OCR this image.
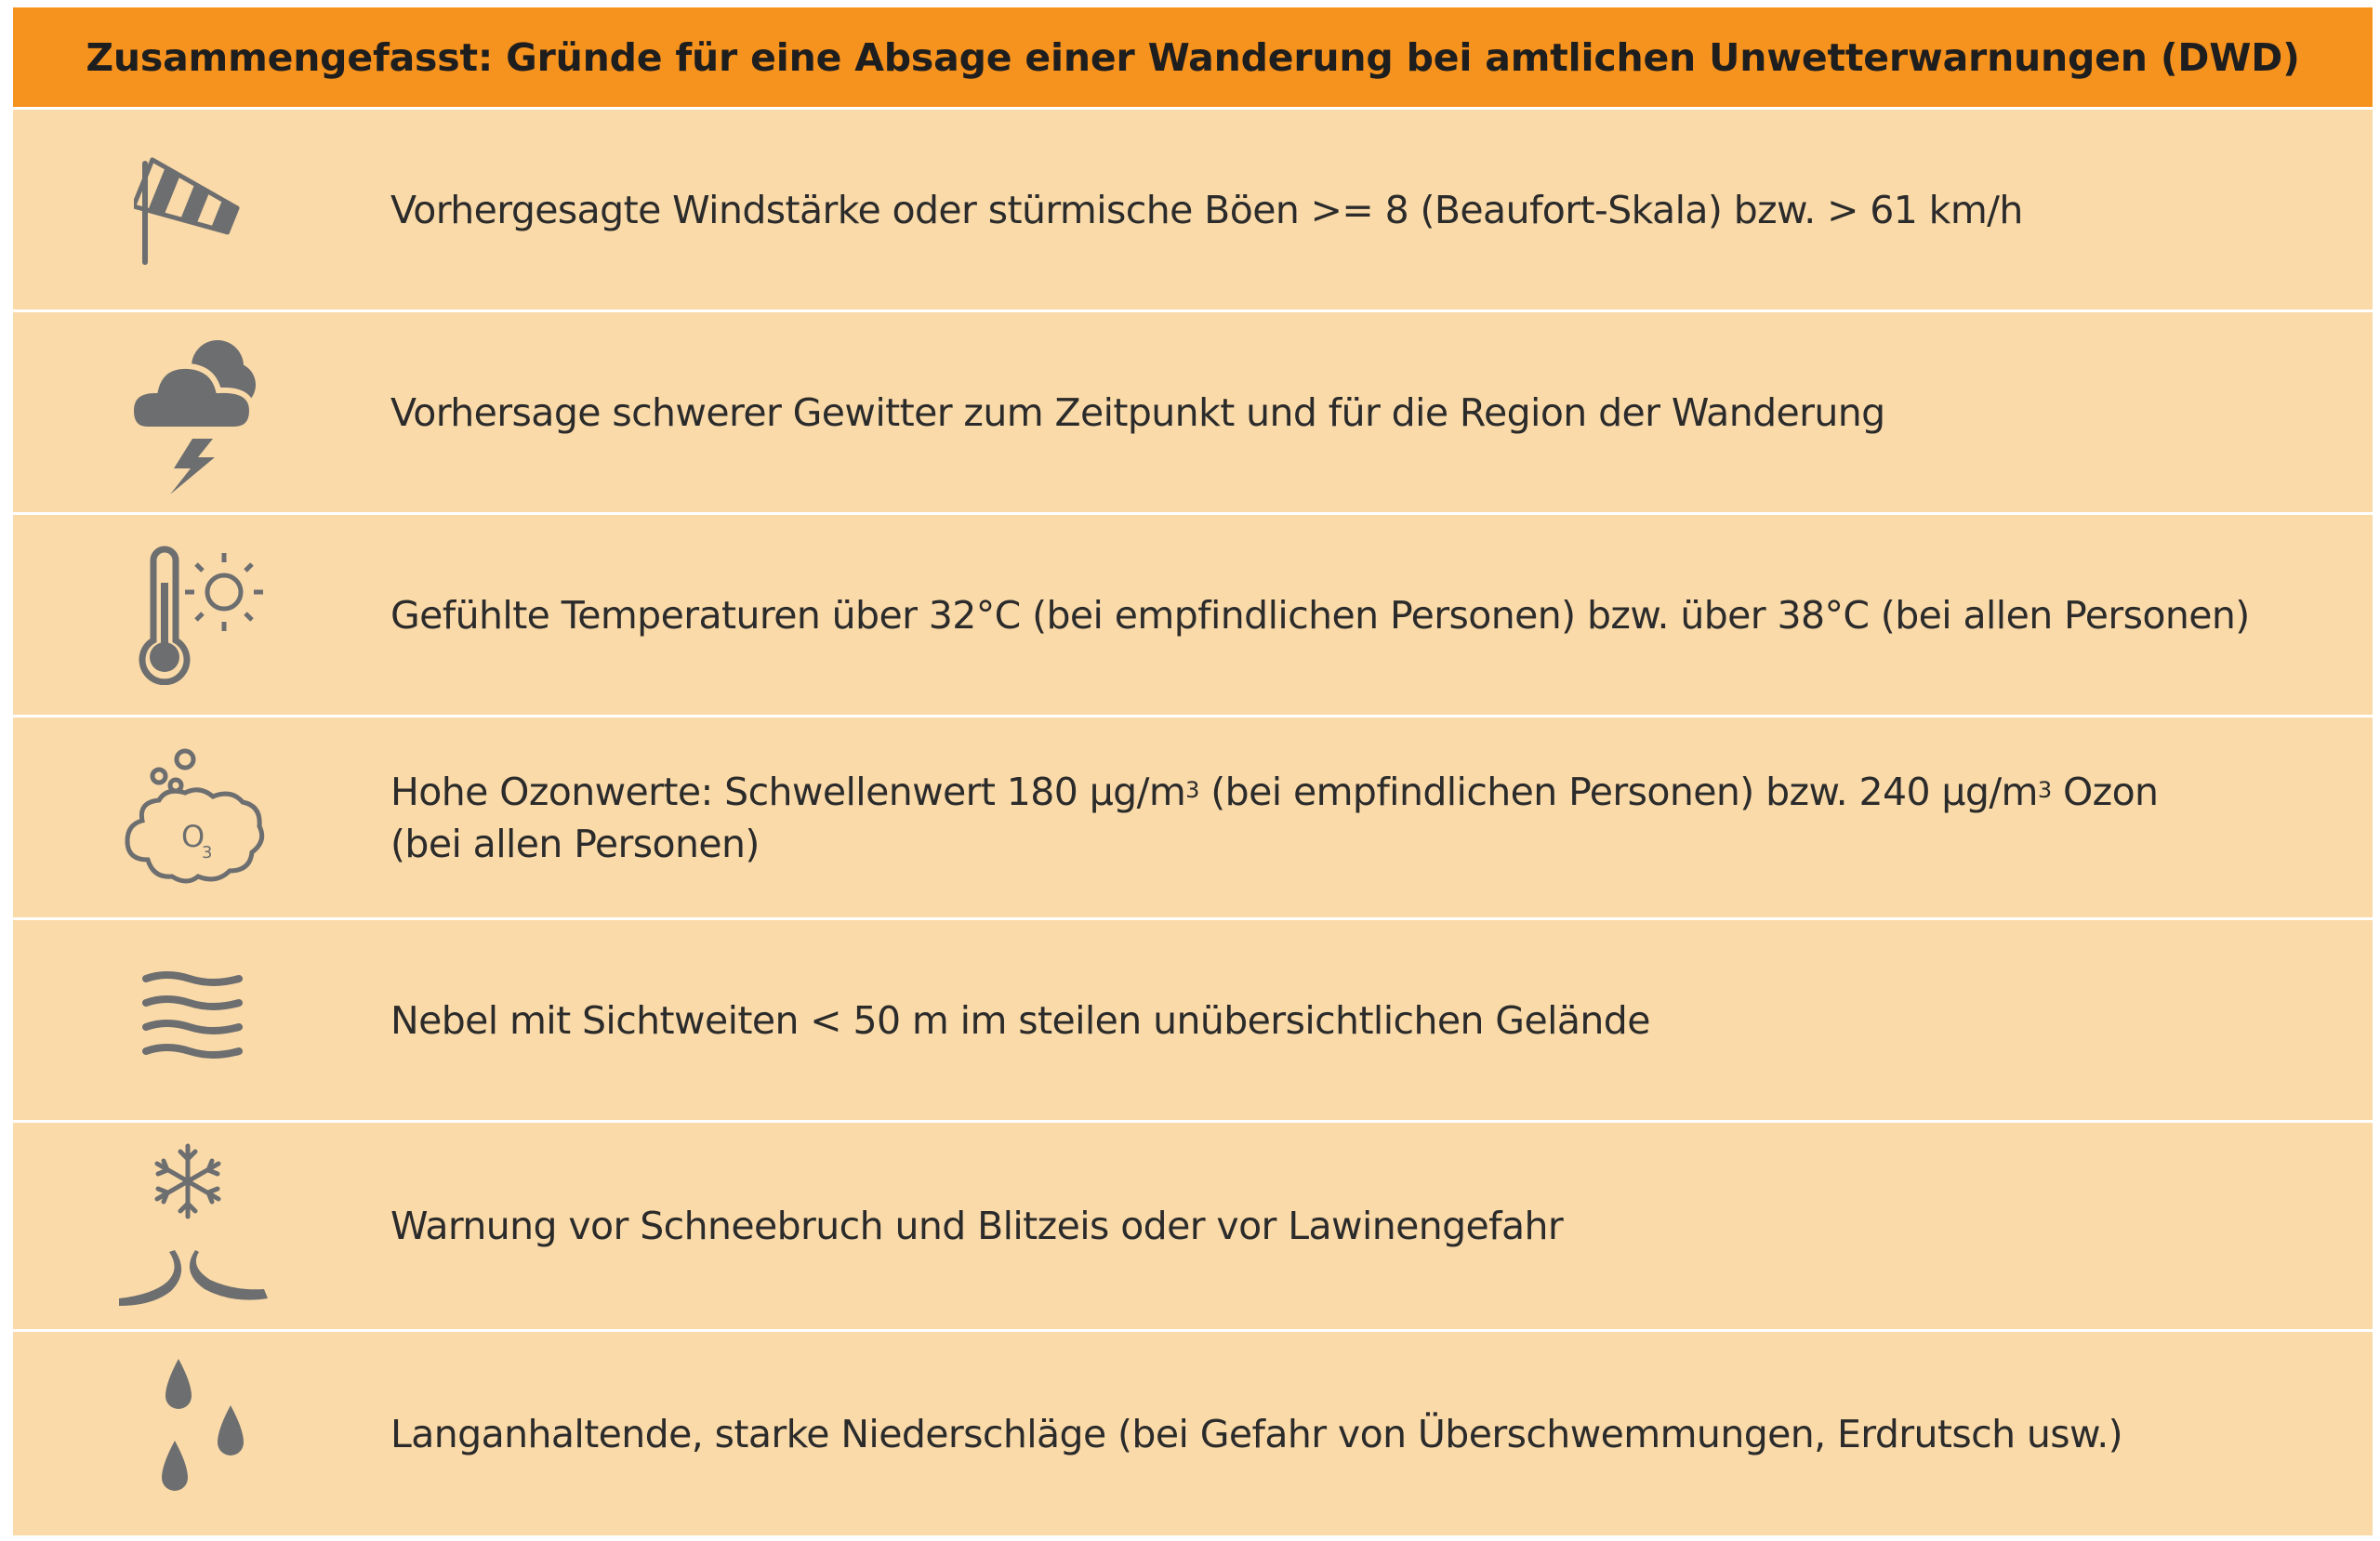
Zusammengefasst: Gründe für eine Absage einer Wanderung bei amtlichen Unwetterwarnungen (DWD)
Vorhergesagte Windstärke oder stürmische Böen >= 8 (Beaufort-Skala) bzw. > 61 km/h
Vorhersage schwerer Gewitter zum Zeitpunkt und für die Region der Wanderung
Gefühlte Temperaturen über 32°C (bei empfindlichen Personen) bzw. über 38°C (bei allen Personen)
O
3
Hohe Ozonwerte: Schwellenwert 180 $\mu g/m^3$ (bei empfindlichen Personen) bzw. 240 $\mu g/m^3$ Ozon
(bei allen Personen)
Nebel mit Sichtweiten < 50 m im steilen unübersichtlichen Gelände
Warnung vor Schneebruch und Blitzeis oder vor Lawinengefahr
Langanhaltende, starke Niederschläge (bei Gefahr von Überschwemmungen, Erdrutsch usw.)
